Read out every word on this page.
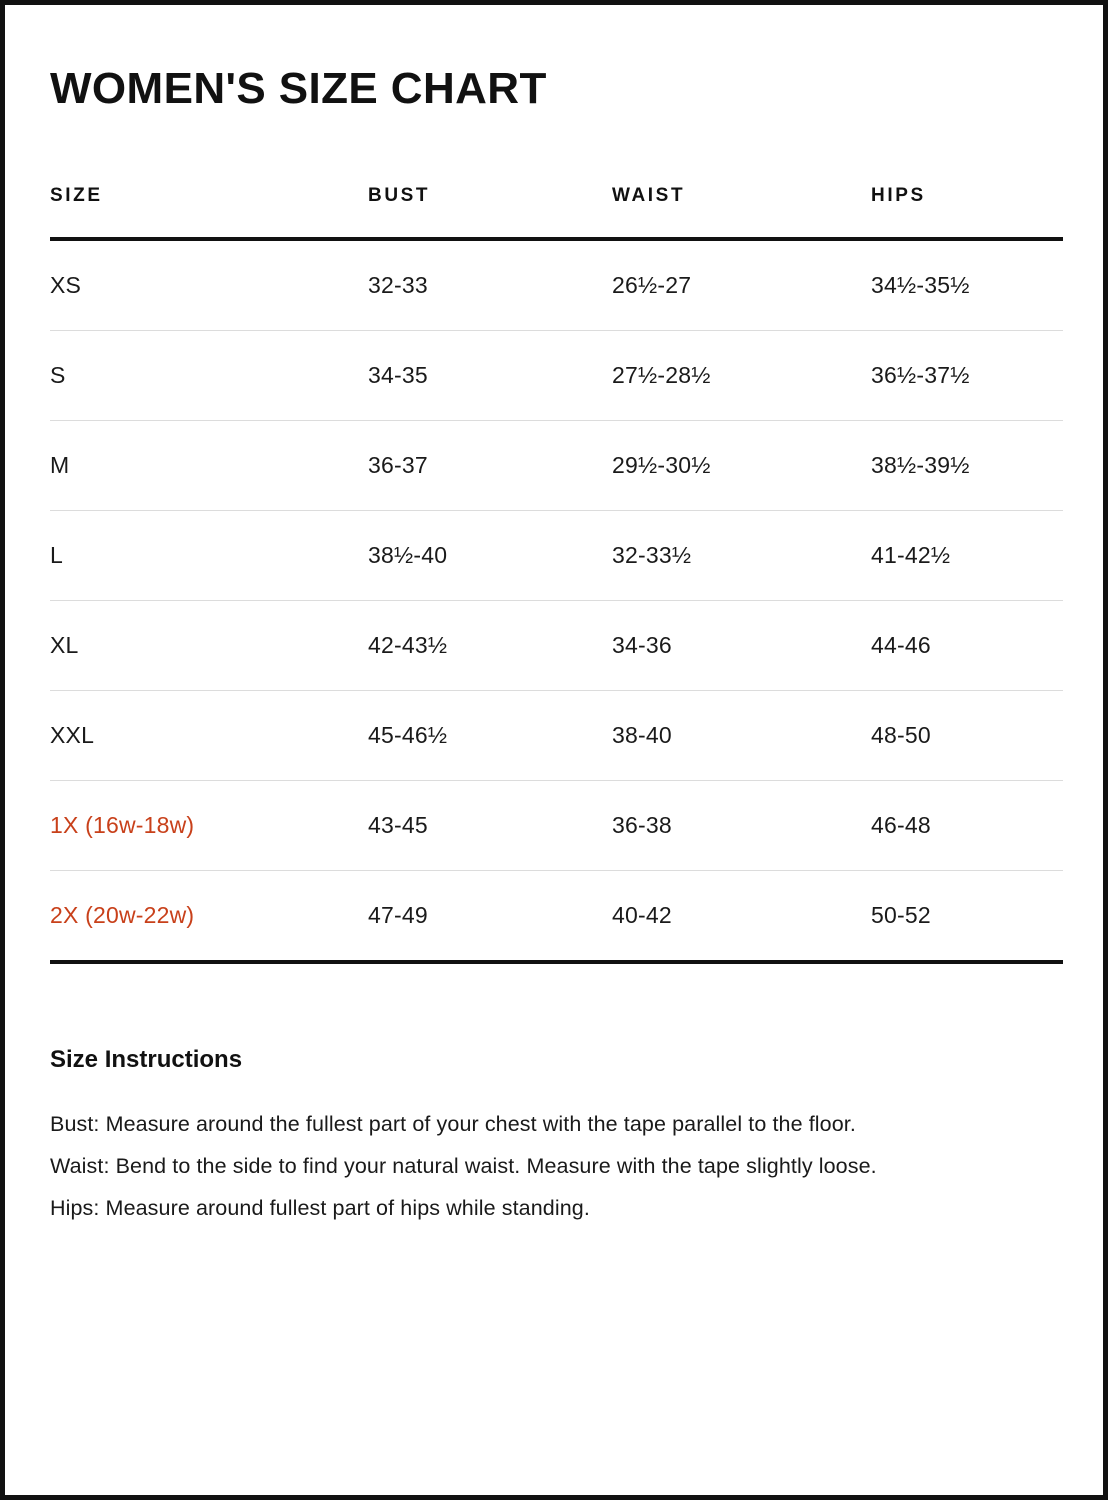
WOMEN'S SIZE CHART
SIZE	BUST	WAIST	HIPS
XS	32-33	26½-27	34½-35½
S	34-35	27½-28½	36½-37½
M	36-37	29½-30½	38½-39½
L	38½-40	32-33½	41-42½
XL	42-43½	34-36	44-46
XXL	45-46½	38-40	48-50
1X (16w-18w)	43-45	36-38	46-48
2X (20w-22w)	47-49	40-42	50-52
Size Instructions
Bust: Measure around the fullest part of your chest with the tape parallel to the floor.
Waist: Bend to the side to find your natural waist. Measure with the tape slightly loose.
Hips: Measure around fullest part of hips while standing.
